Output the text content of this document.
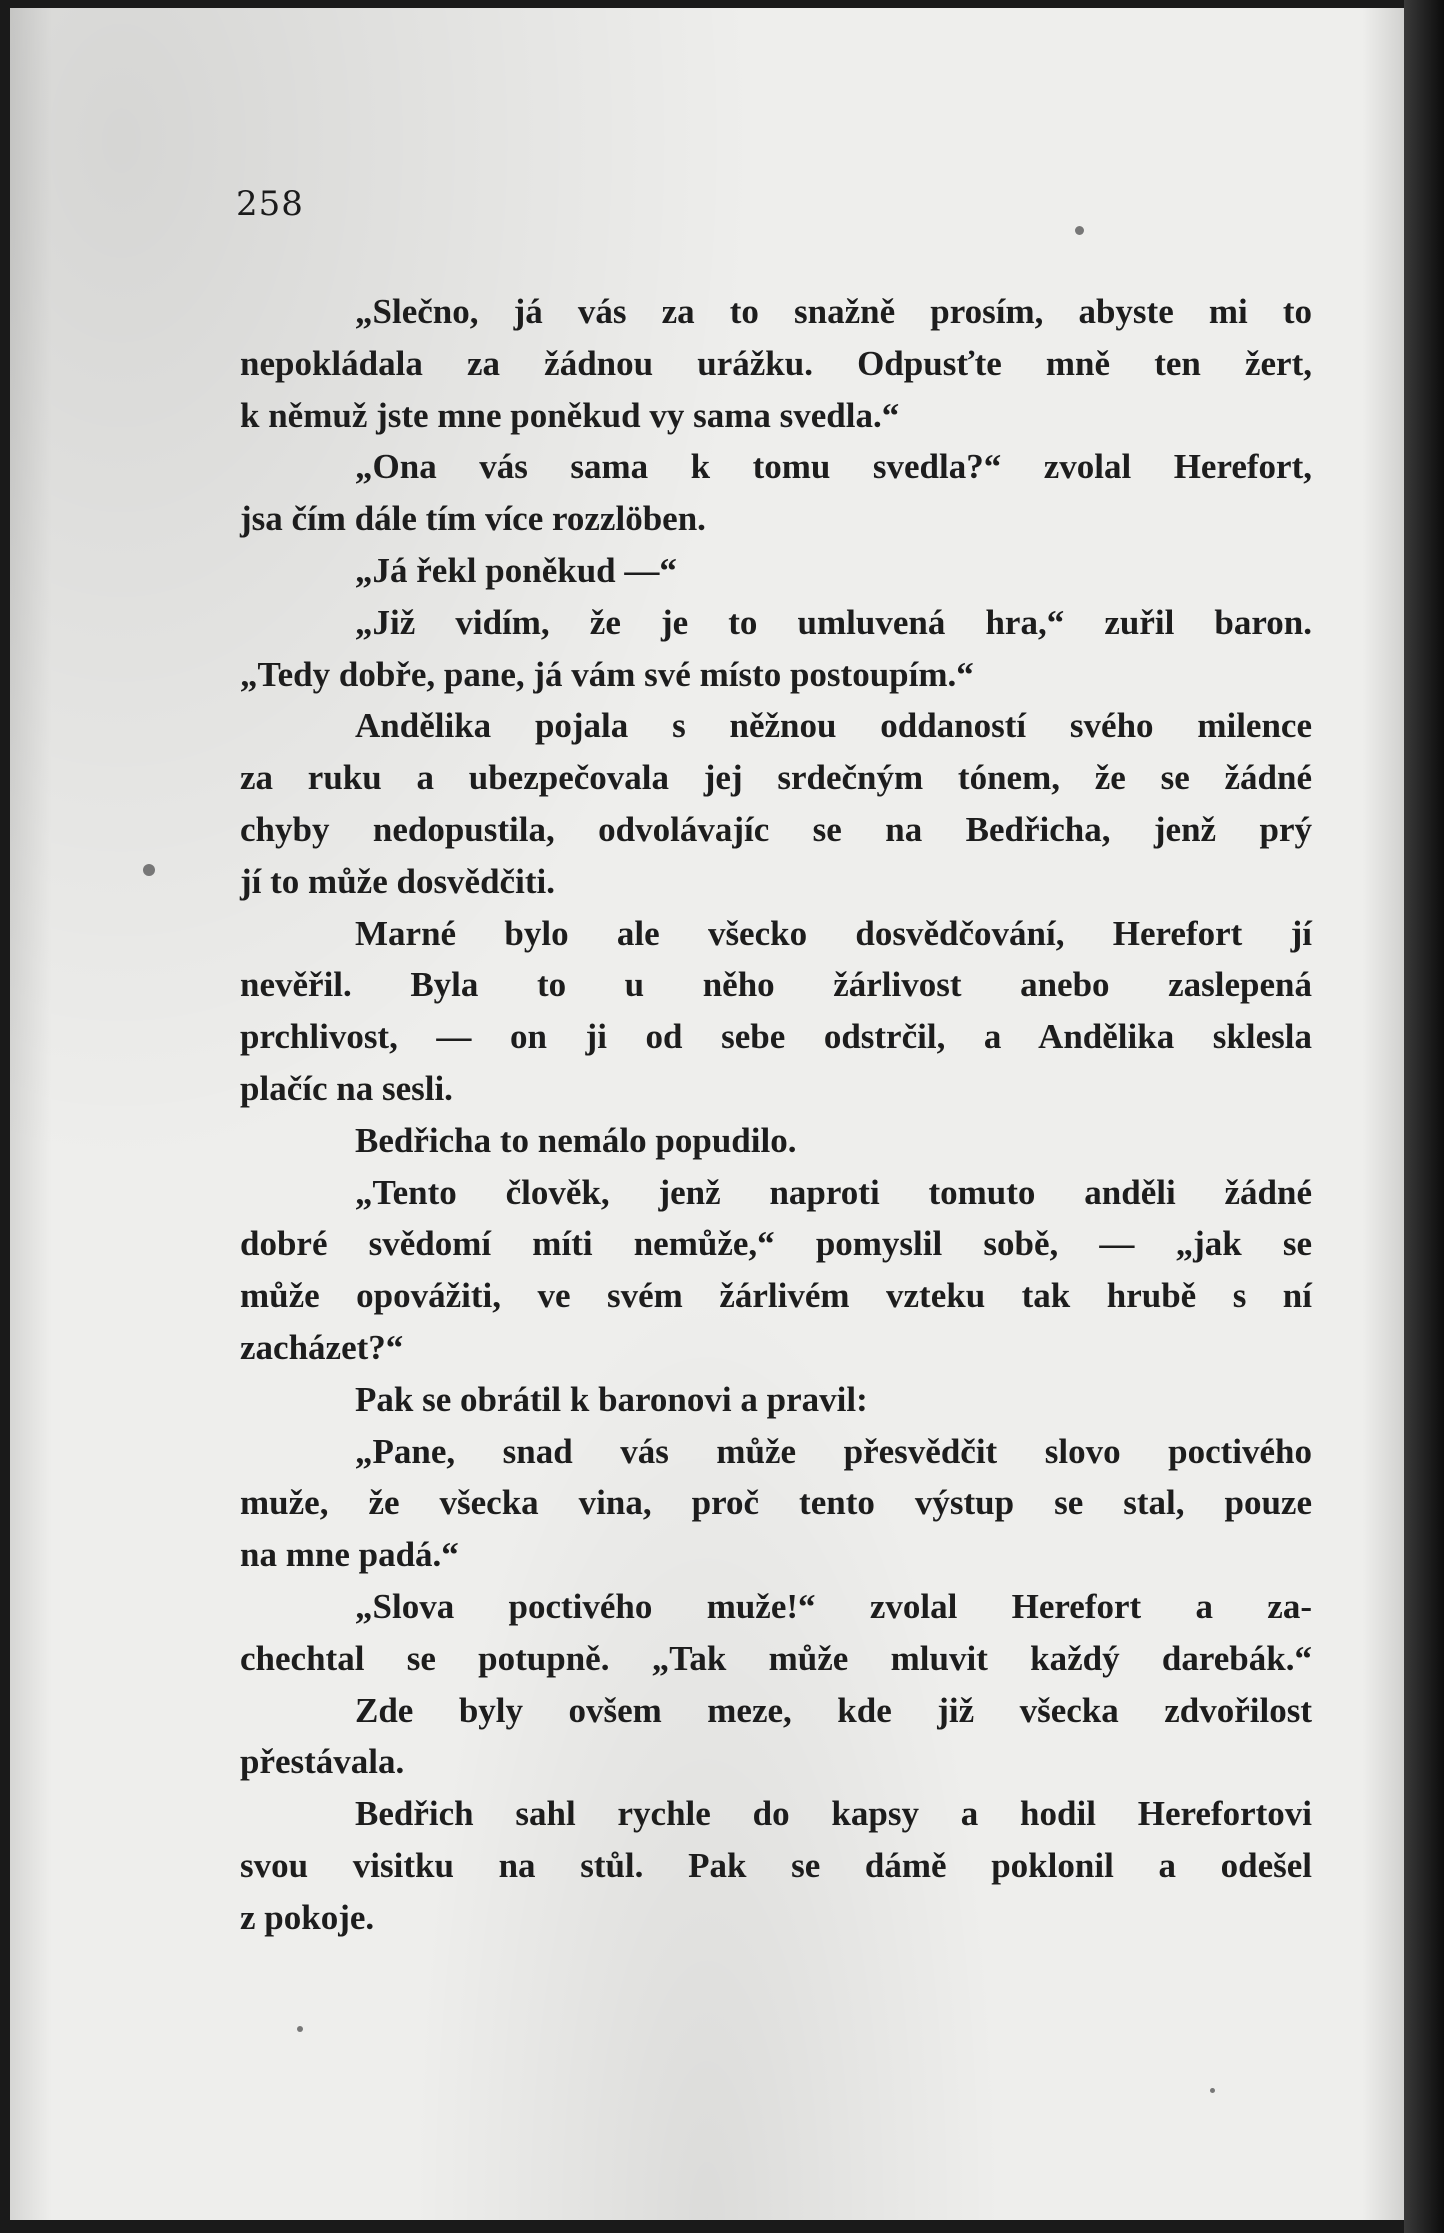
258
„Slečno, já vás za to snažně prosím, abyste mi to
nepokládala za žádnou urážku. Odpusťte mně ten žert,
k němuž jste mne poněkud vy sama svedla.“
„Ona vás sama k tomu svedla?“ zvolal Herefort,
jsa čím dále tím více rozzlöben.
„Já řekl poněkud —“
„Již vidím, že je to umluvená hra,“ zuřil baron.
„Tedy dobře, pane, já vám své místo postoupím.“
Andělika pojala s něžnou oddaností svého milence
za ruku a ubezpečovala jej srdečným tónem, že se žádné
chyby nedopustila, odvolávajíc se na Bedřicha, jenž prý
jí to může dosvědčiti.
Marné bylo ale všecko dosvědčování, Herefort jí
nevěřil. Byla to u něho žárlivost anebo zaslepená
prchlivost, — on ji od sebe odstrčil, a Andělika sklesla
plačíc na sesli.
Bedřicha to nemálo popudilo.
„Tento člověk, jenž naproti tomuto anděli žádné
dobré svědomí míti nemůže,“ pomyslil sobě, — „jak se
může opovážiti, ve svém žárlivém vzteku tak hrubě s ní
zacházet?“
Pak se obrátil k baronovi a pravil:
„Pane, snad vás může přesvědčit slovo poctivého
muže, že všecka vina, proč tento výstup se stal, pouze
na mne padá.“
„Slova poctivého muže!“ zvolal Herefort a za-
chechtal se potupně. „Tak může mluvit každý darebák.“
Zde byly ovšem meze, kde již všecka zdvořilost
přestávala.
Bedřich sahl rychle do kapsy a hodil Herefortovi
svou visitku na stůl. Pak se dámě poklonil a odešel
z pokoje.
